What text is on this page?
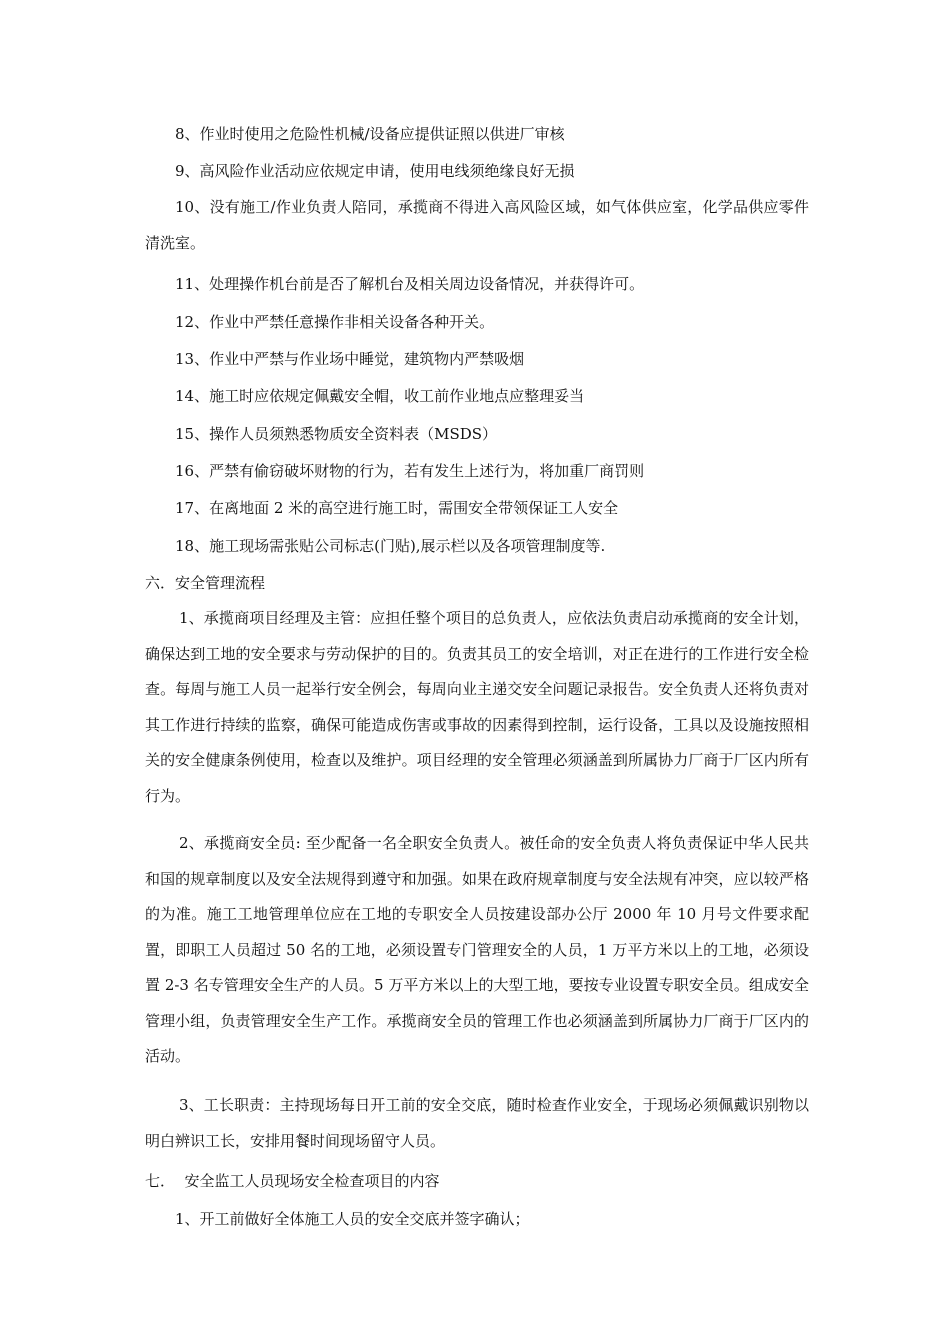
8、作业时使用之危险性机械/设备应提供证照以供进厂审核
9、高风险作业活动应依规定申请，使用电线须绝缘良好无损
10、没有施工/作业负责人陪同，承揽商不得进入高风险区域，如气体供应室，化学品供应零件清洗室。
11、处理操作机台前是否了解机台及相关周边设备情况，并获得许可。
12、作业中严禁任意操作非相关设备各种开关。
13、作业中严禁与作业场中睡觉，建筑物内严禁吸烟
14、施工时应依规定佩戴安全帽，收工前作业地点应整理妥当
15、操作人员须熟悉物质安全资料表（MSDS）
16、严禁有偷窃破坏财物的行为，若有发生上述行为，将加重厂商罚则
17、在离地面 2 米的高空进行施工时，需围安全带领保证工人安全
18、施工现场需张贴公司标志(门贴),展示栏以及各项管理制度等.
六．安全管理流程
1、承揽商项目经理及主管：应担任整个项目的总负责人，应依法负责启动承揽商的安全计划，确保达到工地的安全要求与劳动保护的目的。负责其员工的安全培训，对正在进行的工作进行安全检查。每周与施工人员一起举行安全例会，每周向业主递交安全问题记录报告。安全负责人还将负责对其工作进行持续的监察，确保可能造成伤害或事故的因素得到控制，运行设备，工具以及设施按照相关的安全健康条例使用，检查以及维护。项目经理的安全管理必须涵盖到所属协力厂商于厂区内所有行为。
2、承揽商安全员: 至少配备一名全职安全负责人。被任命的安全负责人将负责保证中华人民共和国的规章制度以及安全法规得到遵守和加强。如果在政府规章制度与安全法规有冲突，应以较严格的为准。施工工地管理单位应在工地的专职安全人员按建设部办公厅 2000 年 10 月号文件要求配置，即职工人员超过 50 名的工地，必须设置专门管理安全的人员，1 万平方米以上的工地，必须设置 2-3 名专管理安全生产的人员。5 万平方米以上的大型工地，要按专业设置专职安全员。组成安全管理小组，负责管理安全生产工作。承揽商安全员的管理工作也必须涵盖到所属协力厂商于厂区内的活动。
3、工长职责：主持现场每日开工前的安全交底，随时检查作业安全，于现场必须佩戴识别物以明白辨识工长，安排用餐时间现场留守人员。
七．  安全监工人员现场安全检查项目的内容
1、开工前做好全体施工人员的安全交底并签字确认；
